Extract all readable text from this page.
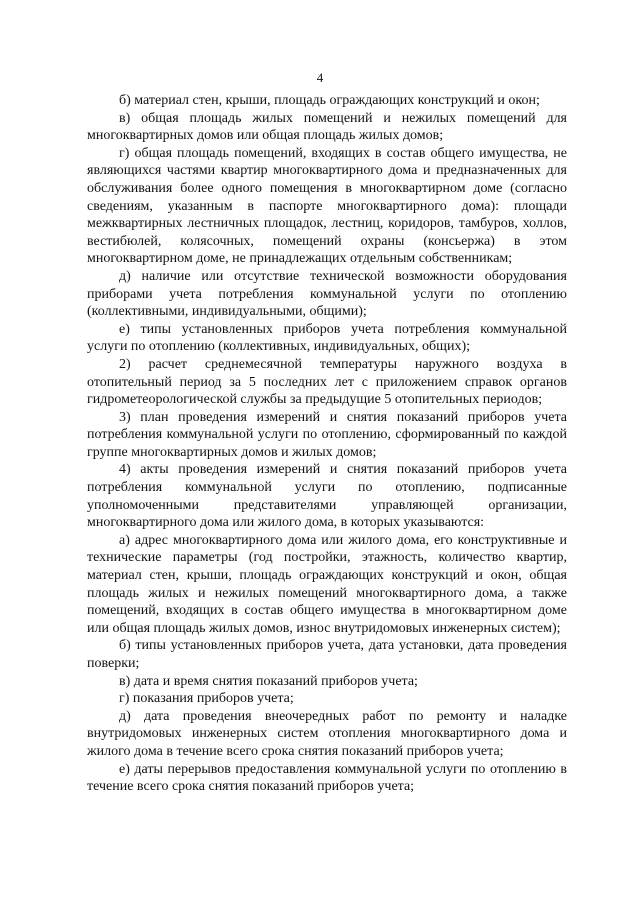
4

б) материал стен, крыши, площадь ограждающих конструкций и окон;

в) общая площадь жилых помещений и нежилых помещений для многоквартирных домов или общая площадь жилых домов;

г) общая площадь помещений, входящих в состав общего имущества, не являющихся частями квартир многоквартирного дома и предназначенных для обслуживания более одного помещения в многоквартирном доме (согласно сведениям, указанным в паспорте многоквартирного дома): площади межквартирных лестничных площадок, лестниц, коридоров, тамбуров, холлов, вестибюлей, колясочных, помещений охраны (консьержа) в этом многоквартирном доме, не принадлежащих отдельным собственникам;

д) наличие или отсутствие технической возможности оборудования приборами учета потребления коммунальной услуги по отоплению (коллективными, индивидуальными, общими);

е) типы установленных приборов учета потребления коммунальной услуги по отоплению (коллективных, индивидуальных, общих);

2) расчет среднемесячной температуры наружного воздуха в отопительный период за 5 последних лет с приложением справок органов гидрометеорологической службы за предыдущие 5 отопительных периодов;

3) план проведения измерений и снятия показаний приборов учета потребления коммунальной услуги по отоплению, сформированный по каждой группе многоквартирных домов и жилых домов;

4) акты проведения измерений и снятия показаний приборов учета потребления коммунальной услуги по отоплению, подписанные уполномоченными представителями управляющей организации, многоквартирного дома или жилого дома, в которых указываются:

а) адрес многоквартирного дома или жилого дома, его конструктивные и технические параметры (год постройки, этажность, количество квартир, материал стен, крыши, площадь ограждающих конструкций и окон, общая площадь жилых и нежилых помещений многоквартирного дома, а также помещений, входящих в состав общего имущества в многоквартирном доме или общая площадь жилых домов, износ внутридомовых инженерных систем);

б) типы установленных приборов учета, дата установки, дата проведения поверки;

в) дата и время снятия показаний приборов учета;

г) показания приборов учета;

д) дата проведения внеочередных работ по ремонту и наладке внутридомовых инженерных систем отопления многоквартирного дома и жилого дома в течение всего срока снятия показаний приборов учета;

е) даты перерывов предоставления коммунальной услуги по отоплению в течение всего срока снятия показаний приборов учета;
